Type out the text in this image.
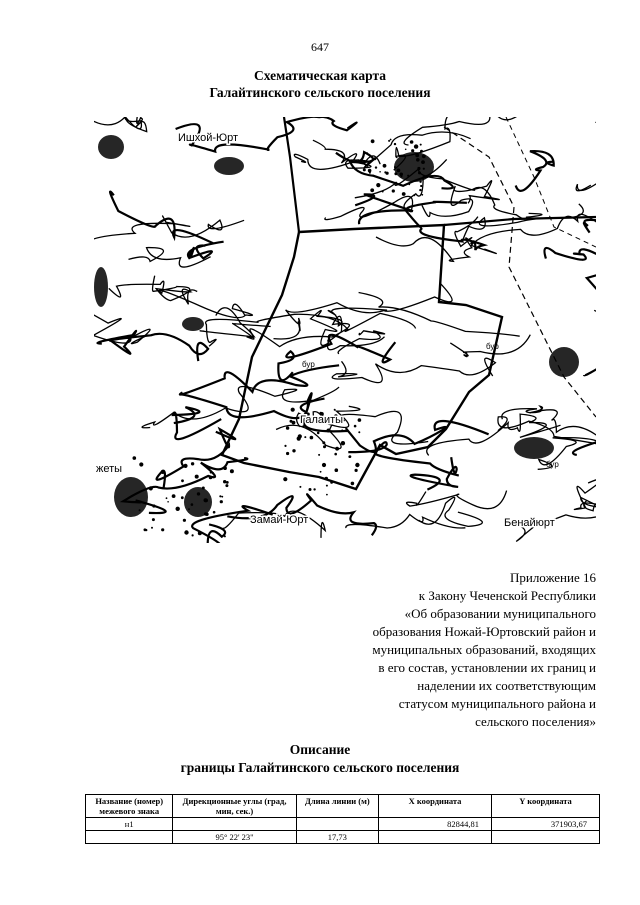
647
Схематическая карта
Галайтинского сельского поселения
Ишхой-Юрт
Галаиты
Замай-Юрт	Бенайюрт
жеты
бур
бур
бур
Приложение 16
к Закону Чеченской Республики
«Об образовании муниципального
образования Ножай-Юртовский район и
муниципальных образований, входящих
в его состав, установлении их границ и
наделении их соответствующим
статусом муниципального района и
сельского поселения»
Описание
границы Галайтинского сельского поселения
Название (номер) межевого знака	Дирекционные углы (град, мин, сек.)	Длина линии (м)	Х координата	Y координата
н1			82844,81	371903,67
	95° 22' 23"	17,73		
